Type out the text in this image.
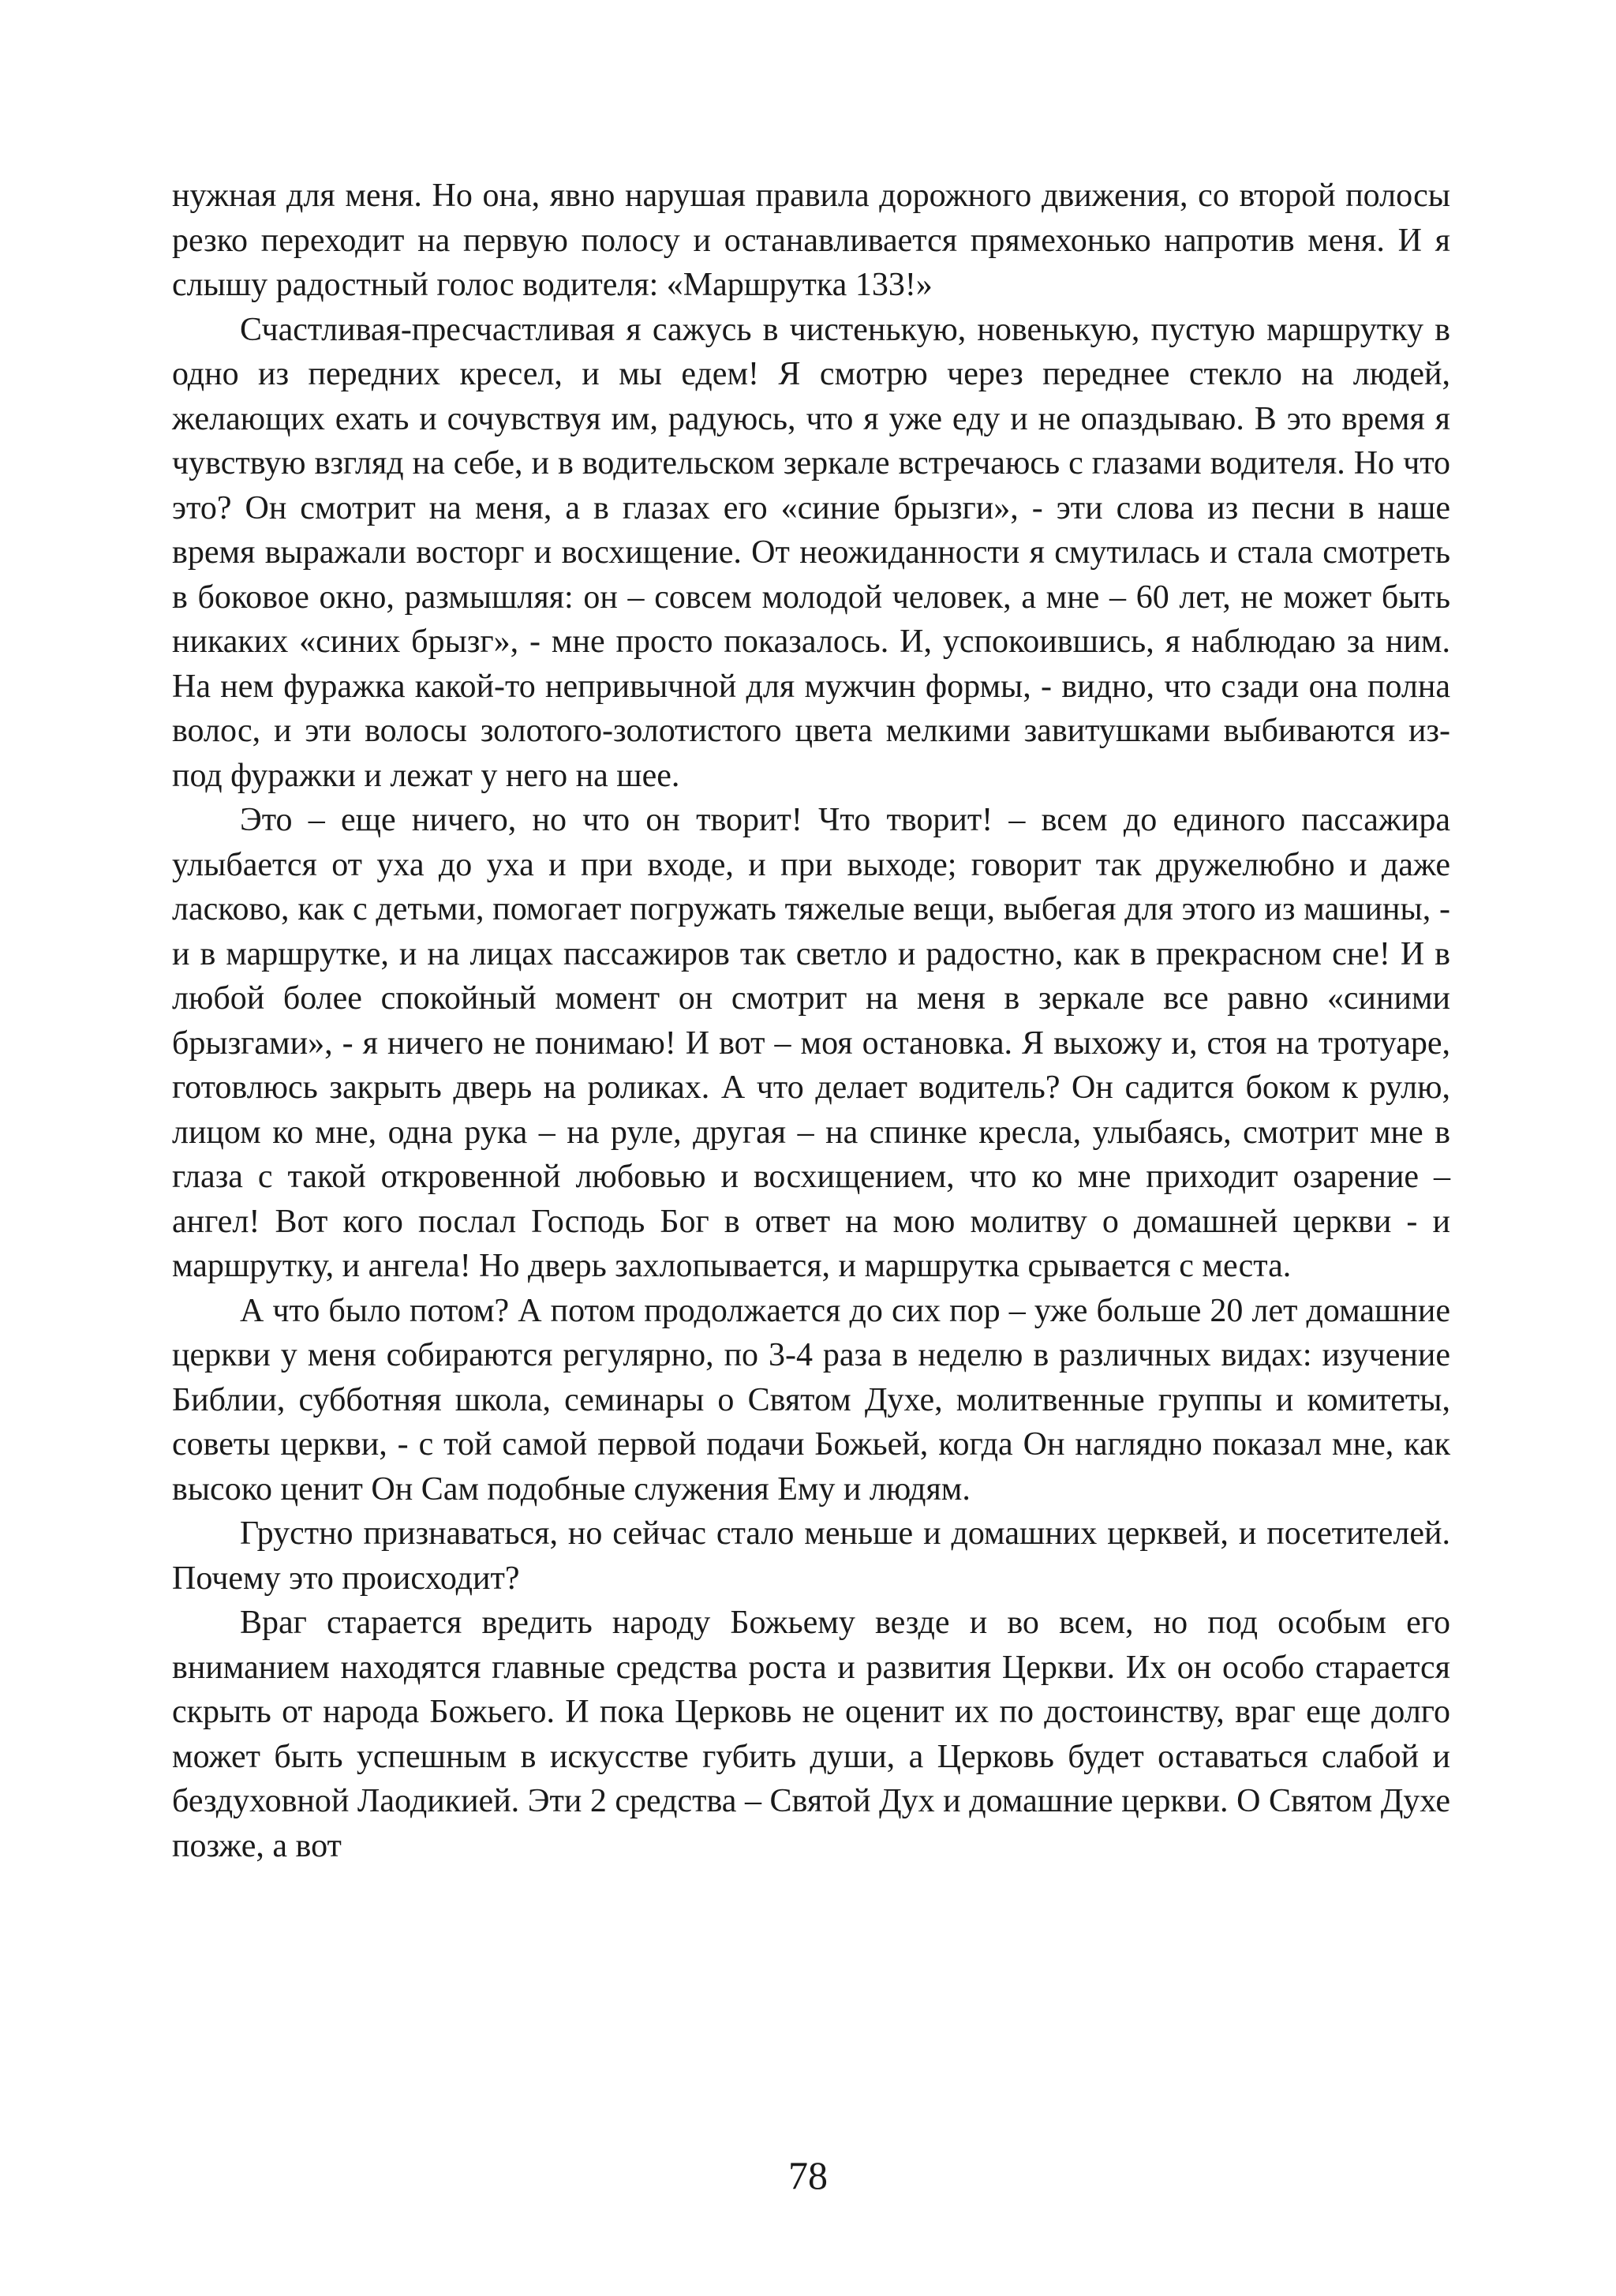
нужная для меня. Но она, явно нарушая правила дорожного движения, со второй полосы резко переходит на первую полосу и останавливается прямехонько напротив меня. И я слышу радостный голос водителя: «Маршрутка 133!»

Счастливая-пресчастливая я сажусь в чистенькую, новенькую, пустую маршрутку в одно из передних кресел, и мы едем! Я смотрю через переднее стекло на людей, желающих ехать и сочувствуя им, радуюсь, что я уже еду и не опаздываю. В это время я чувствую взгляд на себе, и в водительском зеркале встречаюсь с глазами водителя. Но что это? Он смотрит на меня, а в глазах его «синие брызги», - эти слова из песни в наше время выражали восторг и восхищение. От неожиданности я смутилась и стала смотреть в боковое окно, размышляя: он – совсем молодой человек, а мне – 60 лет, не может быть никаких «синих брызг», - мне просто показалось. И, успокоившись, я наблюдаю за ним. На нем фуражка какой-то непривычной для мужчин формы, - видно, что сзади она полна волос, и эти волосы золотого-золотистого цвета мелкими завитушками выбиваются из-под фуражки и лежат у него на шее.

Это – еще ничего, но что он творит! Что творит! – всем до единого пассажира улыбается от уха до уха и при входе, и при выходе; говорит так дружелюбно и даже ласково, как с детьми, помогает погружать тяжелые вещи, выбегая для этого из машины, - и в маршрутке, и на лицах пассажиров так светло и радостно, как в прекрасном сне! И в любой более спокойный момент он смотрит на меня в зеркале все равно «синими брызгами», - я ничего не понимаю! И вот – моя остановка. Я выхожу и, стоя на тротуаре, готовлюсь закрыть дверь на роликах. А что делает водитель? Он садится боком к рулю, лицом ко мне, одна рука – на руле, другая – на спинке кресла, улыбаясь, смотрит мне в глаза с такой откровенной любовью и восхищением, что ко мне приходит озарение – ангел! Вот кого послал Господь Бог в ответ на мою молитву о домашней церкви - и маршрутку, и ангела! Но дверь захлопывается, и маршрутка срывается с места.

А что было потом? А потом продолжается до сих пор – уже больше 20 лет домашние церкви у меня собираются регулярно, по 3-4 раза в неделю в различных видах: изучение Библии, субботняя школа, семинары о Святом Духе, молитвенные группы и комитеты, советы церкви, - с той самой первой подачи Божьей, когда Он наглядно показал мне, как высоко ценит Он Сам подобные служения Ему и людям.

Грустно признаваться, но сейчас стало меньше и домашних церквей, и посетителей. Почему это происходит?

Враг старается вредить народу Божьему везде и во всем, но под особым его вниманием находятся главные средства роста и развития Церкви. Их он особо старается скрыть от народа Божьего. И пока Церковь не оценит их по достоинству, враг еще долго может быть успешным в искусстве губить души, а Церковь будет оставаться слабой и бездуховной Лаодикией. Эти 2 средства – Святой Дух и домашние церкви. О Святом Духе позже, а вот

78
